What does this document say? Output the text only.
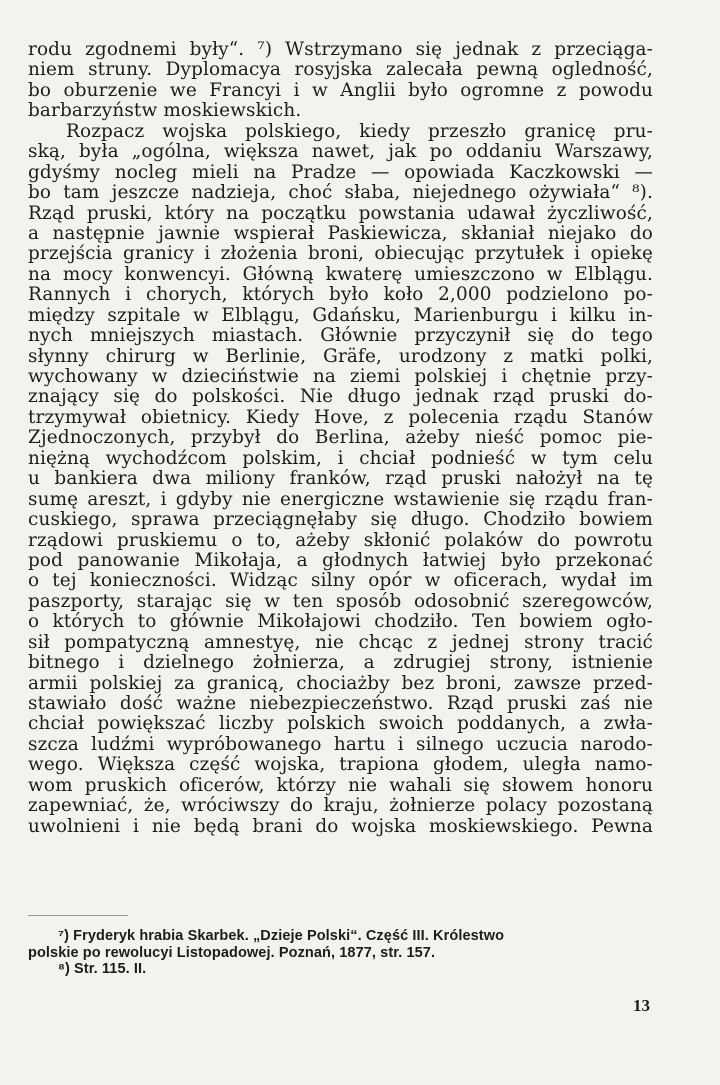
rodu zgodnemi były“. ⁷) Wstrzymano się jednak z przeciąga-
niem struny. Dyplomacya rosyjska zalecała pewną ogledność,
bo oburzenie we Francyi i w Anglii było ogromne z powodu
barbarzyństw moskiewskich.
Rozpacz wojska polskiego, kiedy przeszło granicę pru-
ską, była „ogólna, większa nawet, jak po oddaniu Warszawy,
gdyśmy nocleg mieli na Pradze — opowiada Kaczkowski —
bo tam jeszcze nadzieja, choć słaba, niejednego ożywiała“ ⁸).
Rząd pruski, który na początku powstania udawał życzliwość,
a następnie jawnie wspierał Paskiewicza, skłaniał niejako do
przejścia granicy i złożenia broni, obiecując przytułek i opiekę
na mocy konwencyi. Główną kwaterę umieszczono w Elblągu.
Rannych i chorych, których było koło 2,000 podzielono po-
między szpitale w Elblągu, Gdańsku, Marienburgu i kilku in-
nych mniejszych miastach. Głównie przyczynił się do tego
słynny chirurg w Berlinie, Gräfe, urodzony z matki polki,
wychowany w dzieciństwie na ziemi polskiej i chętnie przy-
znający się do polskości. Nie długo jednak rząd pruski do-
trzymywał obietnicy. Kiedy Hove, z polecenia rządu Stanów
Zjednoczonych, przybył do Berlina, ażeby nieść pomoc pie-
niężną wychodźcom polskim, i chciał podnieść w tym celu
u bankiera dwa miliony franków, rząd pruski nałożył na tę
sumę areszt, i gdyby nie energiczne wstawienie się rządu fran-
cuskiego, sprawa przeciągnęłaby się długo. Chodziło bowiem
rządowi pruskiemu o to, ażeby skłonić polaków do powrotu
pod panowanie Mikołaja, a głodnych łatwiej było przekonać
o tej konieczności. Widząc silny opór w oficerach, wydał im
paszporty, starając się w ten sposób odosobnić szeregowców,
o których to głównie Mikołajowi chodziło. Ten bowiem ogło-
sił pompatyczną amnestyę, nie chcąc z jednej strony tracić
bitnego i dzielnego żołnierza, a zdrugiej strony, istnienie
armii polskiej za granicą, chociażby bez broni, zawsze przed-
stawiało dość ważne niebezpieczeństwo. Rząd pruski zaś nie
chciał powiększać liczby polskich swoich poddanych, a zwła-
szcza ludźmi wypróbowanego hartu i silnego uczucia narodo-
wego. Większa część wojska, trapiona głodem, uległa namo-
wom pruskich oficerów, którzy nie wahali się słowem honoru
zapewniać, że, wróciwszy do kraju, żołnierze polacy pozostaną
uwolnieni i nie będą brani do wojska moskiewskiego. Pewna
⁷) Fryderyk hrabia Skarbek. „Dzieje Polski“. Część III. Królestwo
polskie po rewolucyi Listopadowej. Poznań, 1877, str. 157.
⁸) Str. 115. II.
13
